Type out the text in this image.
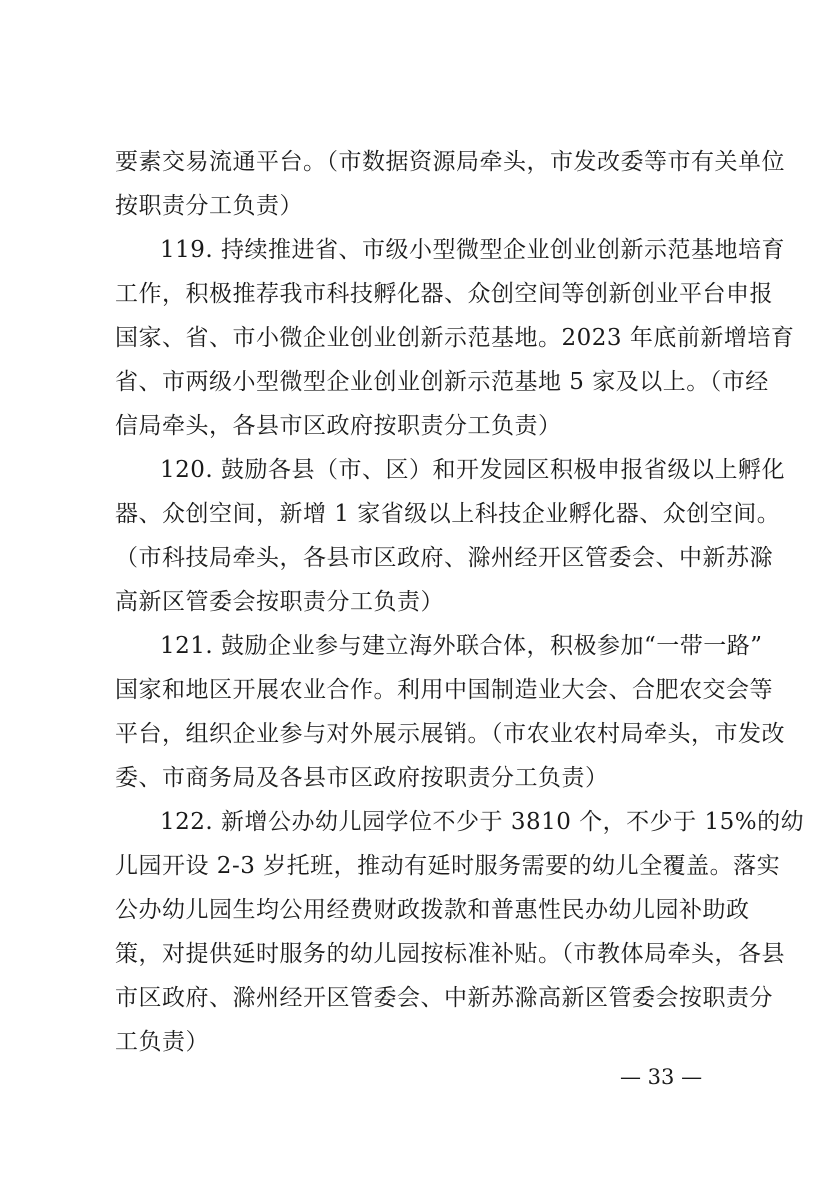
要素交易流通平台。（市数据资源局牵头，市发改委等市有关单位
按职责分工负责）
119. 持续推进省、市级小型微型企业创业创新示范基地培育
工作，积极推荐我市科技孵化器、众创空间等创新创业平台申报
国家、省、市小微企业创业创新示范基地。2023 年底前新增培育
省、市两级小型微型企业创业创新示范基地 5 家及以上。（市经
信局牵头，各县市区政府按职责分工负责）
120. 鼓励各县（市、区）和开发园区积极申报省级以上孵化
器、众创空间，新增 1 家省级以上科技企业孵化器、众创空间。
（市科技局牵头，各县市区政府、滁州经开区管委会、中新苏滁
高新区管委会按职责分工负责）
121. 鼓励企业参与建立海外联合体，积极参加“一带一路”
国家和地区开展农业合作。利用中国制造业大会、合肥农交会等
平台，组织企业参与对外展示展销。（市农业农村局牵头，市发改
委、市商务局及各县市区政府按职责分工负责）
122. 新增公办幼儿园学位不少于 3810 个，不少于 15%的幼
儿园开设 2-3 岁托班，推动有延时服务需要的幼儿全覆盖。落实
公办幼儿园生均公用经费财政拨款和普惠性民办幼儿园补助政
策，对提供延时服务的幼儿园按标准补贴。（市教体局牵头，各县
市区政府、滁州经开区管委会、中新苏滁高新区管委会按职责分
工负责）
— 33 —
